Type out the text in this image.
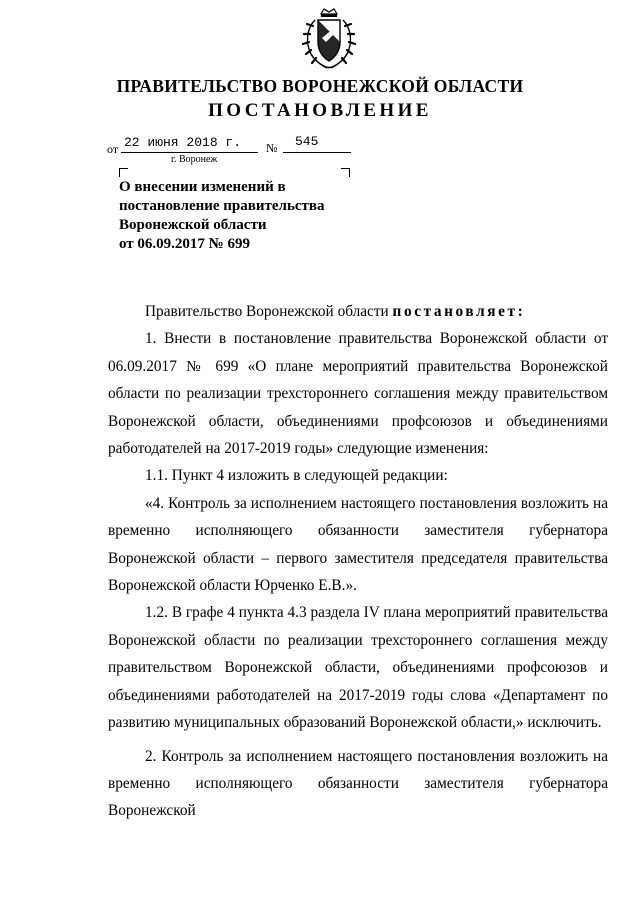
ПРАВИТЕЛЬСТВО ВОРОНЕЖСКОЙ ОБЛАСТИ
ПОСТАНОВЛЕНИЕ
от 22 июня 2018 г. № 545
г. Воронеж
О внесении изменений в
постановление правительства
Воронежской области
от 06.09.2017 № 699
Правительство Воронежской области постановляет:
1. Внести в постановление правительства Воронежской области от 06.09.2017 № 699 «О плане мероприятий правительства Воронежской области по реализации трехстороннего соглашения между правительством Воронежской области, объединениями профсоюзов и объединениями работодателей на 2017-2019 годы» следующие изменения:
1.1. Пункт 4 изложить в следующей редакции:
«4. Контроль за исполнением настоящего постановления возложить на временно исполняющего обязанности заместителя губернатора Воронежской области – первого заместителя председателя правительства Воронежской области Юрченко Е.В.».
1.2. В графе 4 пункта 4.3 раздела IV плана мероприятий правительства Воронежской области по реализации трехстороннего соглашения между правительством Воронежской области, объединениями профсоюзов и объединениями работодателей на 2017-2019 годы слова «Департамент по развитию муниципальных образований Воронежской области,» исключить.
2. Контроль за исполнением настоящего постановления возложить на временно исполняющего обязанности заместителя губернатора Воронежской
